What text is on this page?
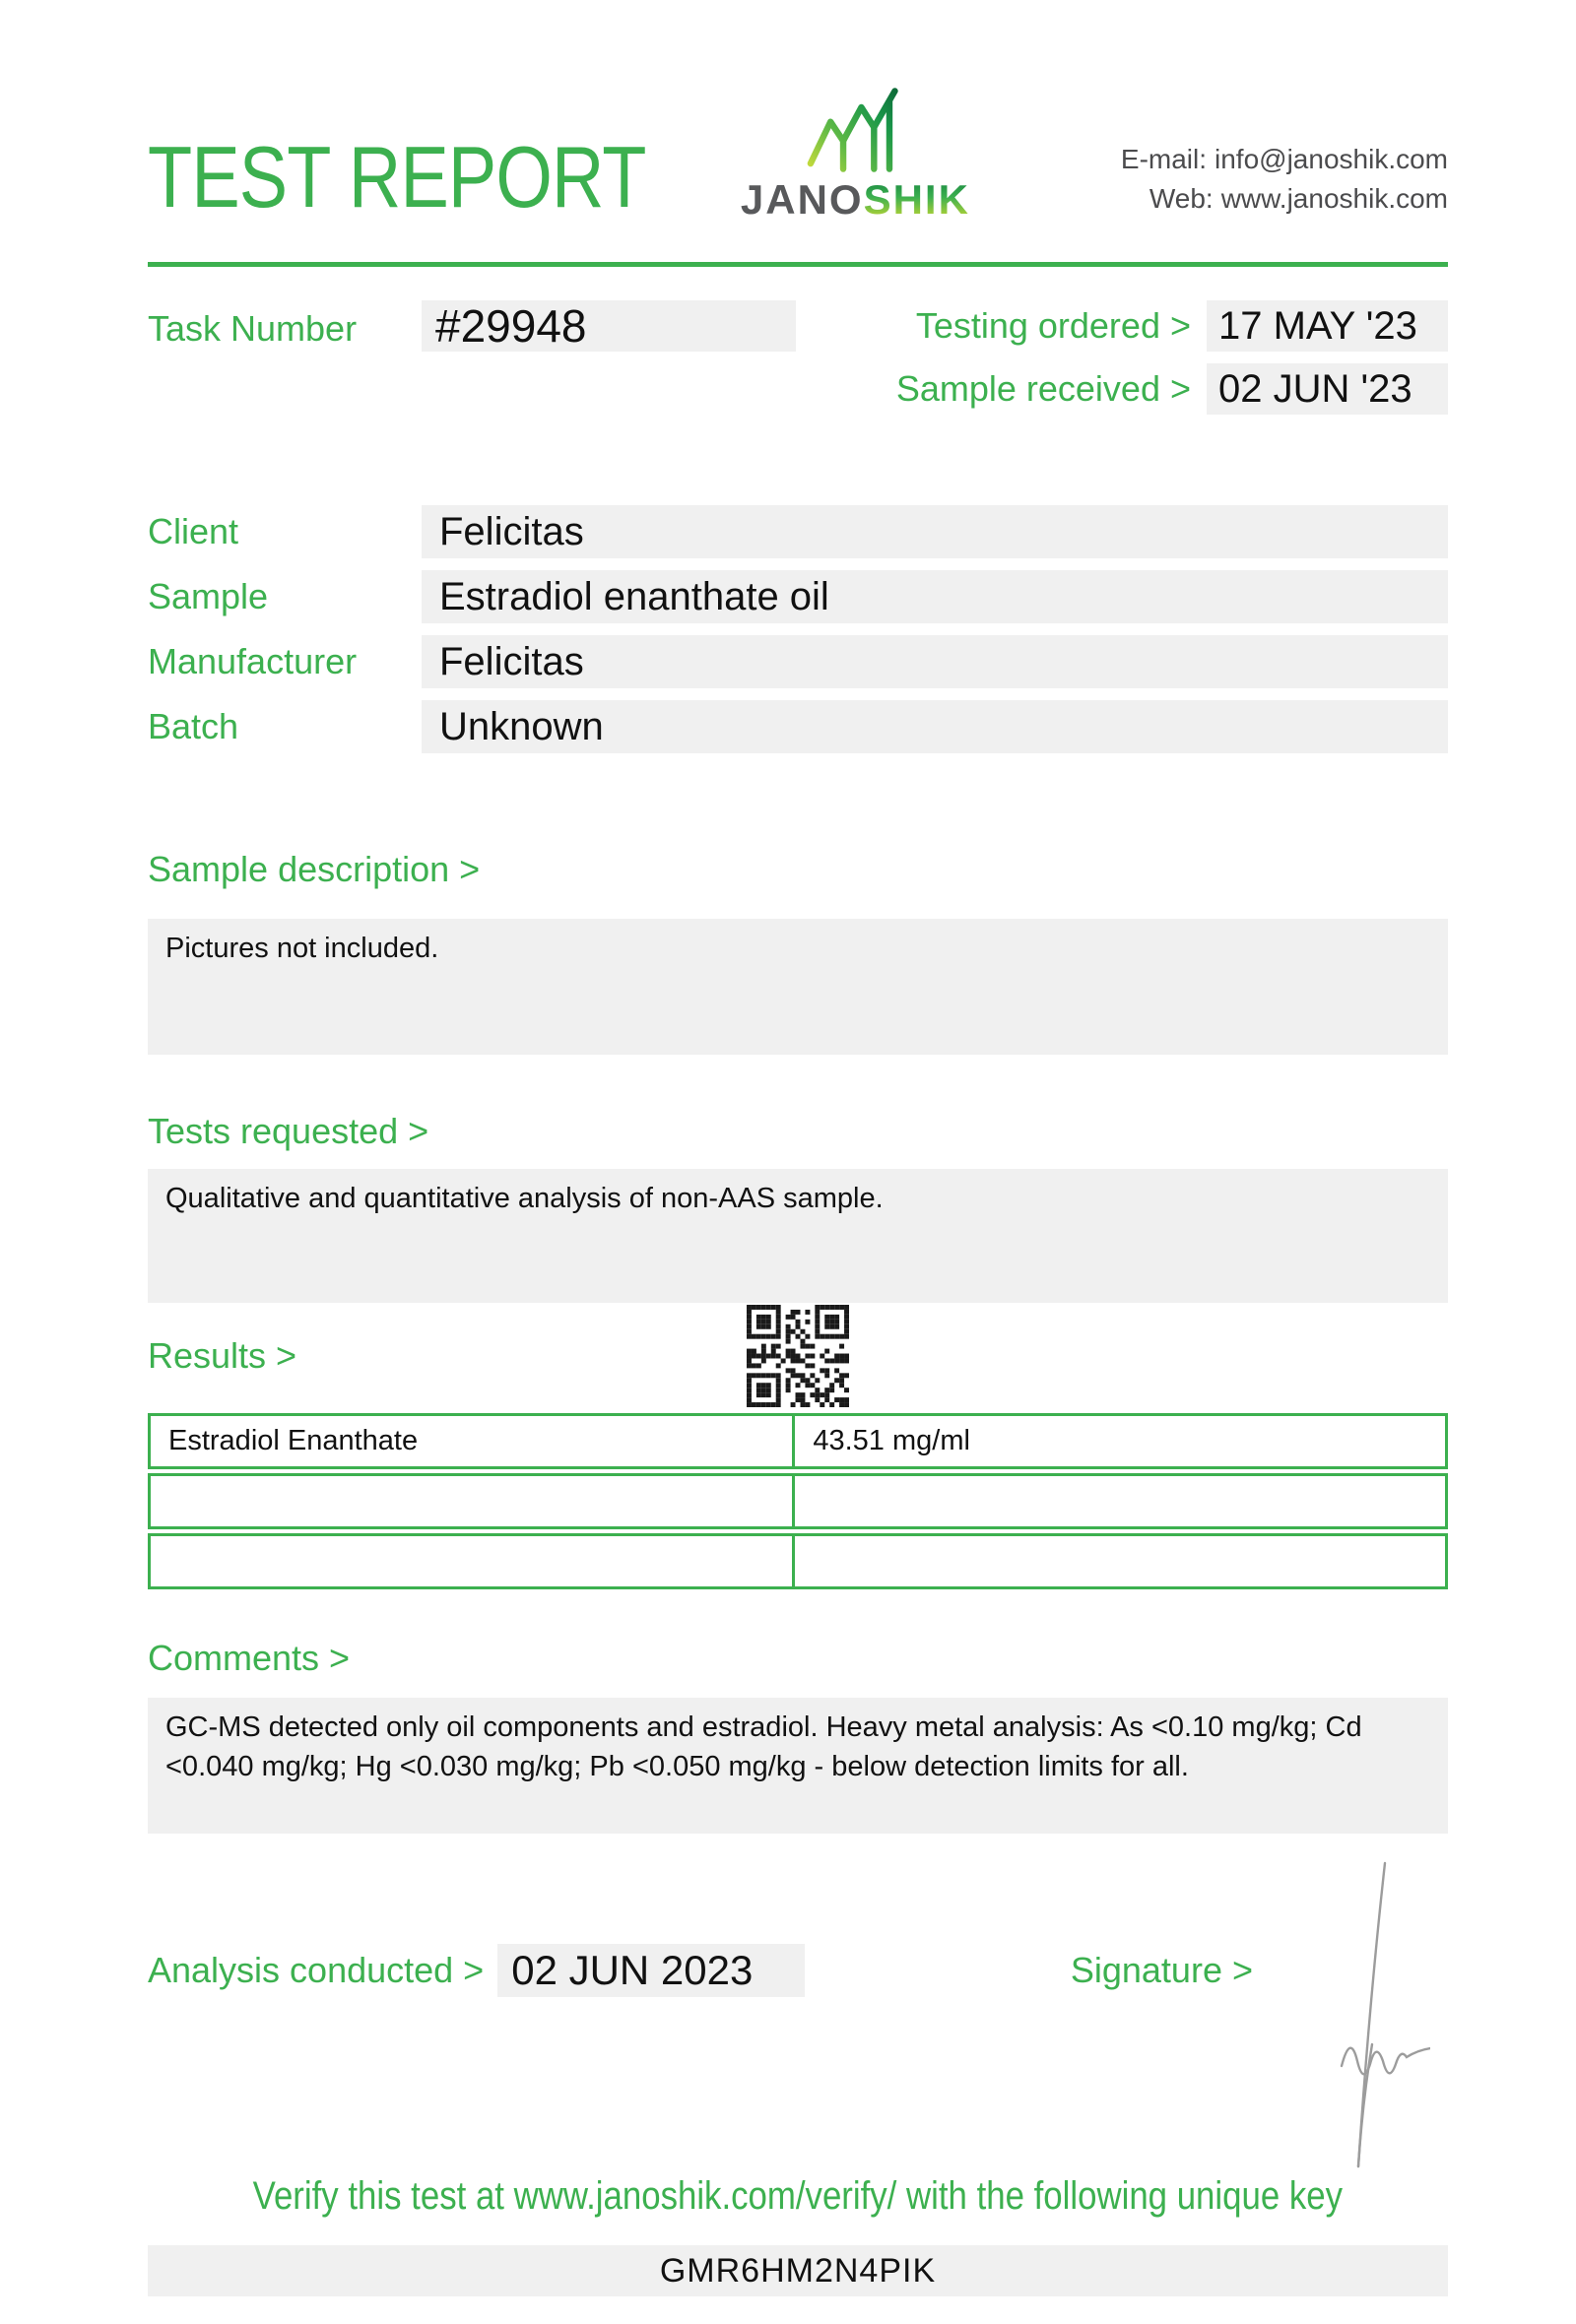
TEST REPORT	JANOSHIK
E-mail: info@janoshik.com
Web: www.janoshik.com
Task Number	#29948	Testing ordered > 17 MAY '23
Sample received > 02 JUN '23
Client	Felicitas
Sample	Estradiol enanthate oil
Manufacturer	Felicitas
Batch	Unknown
Sample description >
Pictures not included.
Tests requested >
Qualitative and quantitative analysis of non-AAS sample.
Results >
Estradiol Enanthate	43.51 mg/ml
Comments >
GC-MS detected only oil components and estradiol. Heavy metal analysis: As <0.10 mg/kg; Cd <0.040 mg/kg; Hg <0.030 mg/kg; Pb <0.050 mg/kg - below detection limits for all.
Analysis conducted > 02 JUN 2023	Signature >
Verify this test at www.janoshik.com/verify/ with the following unique key
GMR6HM2N4PIK
